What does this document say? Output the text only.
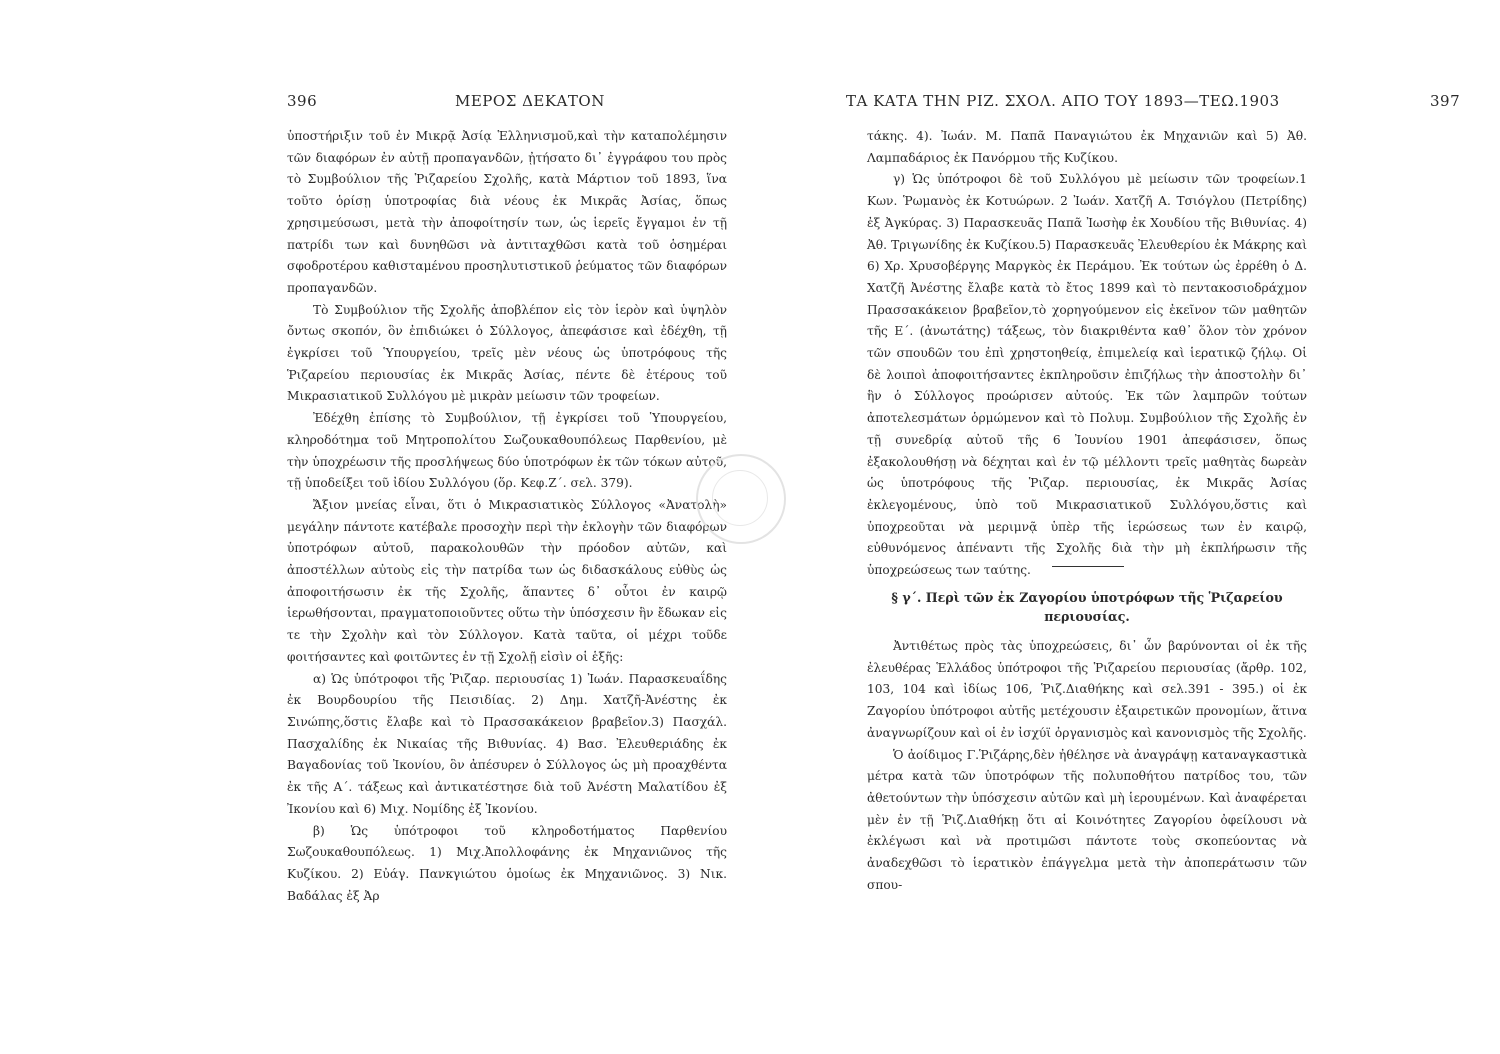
396	ΜΕΡΟΣ ΔΕΚΑΤΟΝ

ὑποστήριξιν τοῦ ἐν Μικρᾷ Ἀσίᾳ Ἑλληνισμοῦ,καὶ τὴν καταπολέμησιν τῶν διαφόρων ἐν αὐτῇ προπαγανδῶν, ᾐτήσατο δι᾽ ἐγγράφου του πρὸς τὸ Συμβούλιον τῆς Ῥιζαρείου Σχολῆς, κατὰ Μάρτιον τοῦ 1893, ἵνα τοῦτο ὁρίσῃ ὑποτροφίας διὰ νέους ἐκ Μικρᾶς Ἀσίας, ὅπως χρησιμεύσωσι, μετὰ τὴν ἀποφοίτησίν των, ὡς ἱερεῖς ἔγγαμοι ἐν τῇ πατρίδι των καὶ δυνηθῶσι νὰ ἀντιταχθῶσι κατὰ τοῦ ὁσημέραι σφοδροτέρου καθισταμένου προσηλυτιστικοῦ ῥεύματος τῶν διαφόρων προπαγανδῶν.

Τὸ Συμβούλιον τῆς Σχολῆς ἀποβλέπον εἰς τὸν ἱερὸν καὶ ὑψηλὸν ὄντως σκοπόν, ὃν ἐπιδιώκει ὁ Σύλλογος, ἀπεφάσισε καὶ ἐδέχθη, τῇ ἐγκρίσει τοῦ Ὑπουργείου, τρεῖς μὲν νέους ὡς ὑποτρόφους τῆς Ῥιζαρείου περιουσίας ἐκ Μικρᾶς Ἀσίας, πέντε δὲ ἑτέρους τοῦ Μικρασιατικοῦ Συλλόγου μὲ μικρὰν μείωσιν τῶν τροφείων.

Ἐδέχθη ἐπίσης τὸ Συμβούλιον, τῇ ἐγκρίσει τοῦ Ὑπουργείου, κληροδότημα τοῦ Μητροπολίτου Σωζουκαθουπόλεως Παρθενίου, μὲ τὴν ὑποχρέωσιν τῆς προσλήψεως δύο ὑποτρόφων ἐκ τῶν τόκων αὐτοῦ, τῇ ὑποδείξει τοῦ ἰδίου Συλλόγου (ὅρ. Κεφ.Ζ΄. σελ. 379).

Ἄξιον μνείας εἶναι, ὅτι ὁ Μικρασιατικὸς Σύλλογος «Ἀνατολὴ» μεγάλην πάντοτε κατέβαλε προσοχὴν περὶ τὴν ἐκλογὴν τῶν διαφόρων ὑποτρόφων αὐτοῦ, παρακολουθῶν τὴν πρόοδον αὐτῶν, καὶ ἀποστέλλων αὐτοὺς εἰς τὴν πατρίδα των ὡς διδασκάλους εὐθὺς ὡς ἀποφοιτήσωσιν ἐκ τῆς Σχολῆς, ἅπαντες δ᾽ οὗτοι ἐν καιρῷ ἱερωθήσονται, πραγματοποιοῦντες οὕτω τὴν ὑπόσχεσιν ἣν ἔδωκαν εἰς τε τὴν Σχολὴν καὶ τὸν Σύλλογον. Κατὰ ταῦτα, οἱ μέχρι τοῦδε φοιτήσαντες καὶ φοιτῶντες ἐν τῇ Σχολῇ εἰσὶν οἱ ἑξῆς:

α) Ὡς ὑπότροφοι τῆς Ῥιζαρ. περιουσίας 1) Ἰωάν. Παρασκευαΐδης ἐκ Βουρδουρίου τῆς Πεισιδίας. 2) Δημ. Χατζῆ-Ἀνέστης ἐκ Σινώπης,ὅστις ἔλαβε καὶ τὸ Πρασσακάκειον βραβεῖον.3) Πασχάλ. Πασχαλίδης ἐκ Νικαίας τῆς Βιθυνίας. 4) Βασ. Ἐλευθεριάδης ἐκ Βαγαδονίας τοῦ Ἰκονίου, ὃν ἀπέσυρεν ὁ Σύλλογος ὡς μὴ προαχθέντα ἐκ τῆς Α΄. τάξεως καὶ ἀντικατέστησε διὰ τοῦ Ἀνέστη Μαλατίδου ἐξ Ἰκονίου καὶ 6) Μιχ. Νομίδης ἐξ Ἰκονίου.

β) Ὡς ὑπότροφοι τοῦ κληροδοτήματος Παρθενίου Σωζουκαθουπόλεως. 1) Μιχ.Ἀπολλοφάνης ἐκ Μηχανιῶνος τῆς Κυζίκου. 2) Εὐάγ. Πανκγιώτου ὁμοίως ἐκ Μηχανιῶνος. 3) Νικ. Βαδάλας ἐξ Ἀρ

ΤΑ ΚΑΤΑ ΤΗΝ ΡΙΖ. ΣΧΟΛ. ΑΠΟ ΤΟΥ 1893—ΤΕΩ.1903	397

τάκης. 4). Ἰωάν. Μ. Παπᾶ Παναγιώτου ἐκ Μηχανιῶν καὶ 5) Ἀθ. Λαμπαδάριος ἐκ Πανόρμου τῆς Κυζίκου.

γ) Ὡς ὑπότροφοι δὲ τοῦ Συλλόγου μὲ μείωσιν τῶν τροφείων.1 Κων. Ῥωμανὸς ἐκ Κοτυώρων. 2 Ἰωάν. Χατζῆ Α. Τσιόγλου (Πετρίδης) ἐξ Ἀγκύρας. 3) Παρασκευᾶς Παπᾶ Ἰωσὴφ ἐκ Χουδίου τῆς Βιθυνίας. 4) Ἀθ. Τριγωνίδης ἐκ Κυζίκου.5) Παρασκευᾶς Ἐλευθερίου ἐκ Μάκρης καὶ 6) Χρ. Χρυσοβέργης Μαργκὸς ἐκ Περάμου. Ἐκ τούτων ὡς ἐρρέθη ὁ Δ. Χατζῆ Ἀνέστης ἔλαβε κατὰ τὸ ἔτος 1899 καὶ τὸ πεντακοσιοδράχμον Πρασσακάκειον βραβεῖον,τὸ χορηγούμενον εἰς ἐκεῖνον τῶν μαθητῶν τῆς Ε΄. (ἀνωτάτης) τάξεως, τὸν διακριθέντα καθ᾽ ὅλον τὸν χρόνον τῶν σπουδῶν του ἐπὶ χρηστοηθείᾳ, ἐπιμελείᾳ καὶ ἱερατικῷ ζήλῳ. Οἱ δὲ λοιποὶ ἀποφοιτήσαντες ἐκπληροῦσιν ἐπιζήλως τὴν ἀποστολὴν δι᾽ ἣν ὁ Σύλλογος προώρισεν αὐτούς. Ἐκ τῶν λαμπρῶν τούτων ἀποτελεσμάτων ὁρμώμενον καὶ τὸ Πολυμ. Συμβούλιον τῆς Σχολῆς ἐν τῇ συνεδρίᾳ αὐτοῦ τῆς 6 Ἰουνίου 1901 ἀπεφάσισεν, ὅπως ἐξακολουθήσῃ νὰ δέχηται καὶ ἐν τῷ μέλλοντι τρεῖς μαθητὰς δωρεὰν ὡς ὑποτρόφους τῆς Ῥιζαρ. περιουσίας, ἐκ Μικρᾶς Ἀσίας ἐκλεγομένους, ὑπὸ τοῦ Μικρασιατικοῦ Συλλόγου,ὅστις καὶ ὑποχρεοῦται νὰ μεριμνᾷ ὑπὲρ τῆς ἱερώσεως των ἐν καιρῷ, εὐθυνόμενος ἀπέναντι τῆς Σχολῆς διὰ τὴν μὴ ἐκπλήρωσιν τῆς ὑποχρεώσεως των ταύτης.

§ γ΄. Περὶ τῶν ἐκ Ζαγορίου ὑποτρόφων τῆς Ῥιζαρείου
περιουσίας.

Ἀντιθέτως πρὸς τὰς ὑποχρεώσεις, δι᾽ ὧν βαρύνονται οἱ ἐκ τῆς ἐλευθέρας Ἑλλάδος ὑπότροφοι τῆς Ῥιζαρείου περιουσίας (ἄρθρ. 102, 103, 104 καὶ ἰδίως 106, Ῥιζ.Διαθήκης καὶ σελ.391 - 395.) οἱ ἐκ Ζαγορίου ὑπότροφοι αὐτῆς μετέχουσιν ἐξαιρετικῶν προνομίων, ἅτινα ἀναγνωρίζουν καὶ οἱ ἐν ἰσχύϊ ὀργανισμὸς καὶ κανονισμὸς τῆς Σχολῆς.

Ὁ ἀοίδιμος Γ.Ῥιζάρης,δὲν ἠθέλησε νὰ ἀναγράψῃ καταναγκαστικὰ μέτρα κατὰ τῶν ὑποτρόφων τῆς πολυποθήτου πατρίδος του, τῶν ἀθετούντων τὴν ὑπόσχεσιν αὐτῶν καὶ μὴ ἱερουμένων. Καὶ ἀναφέρεται μὲν ἐν τῇ Ῥιζ.Διαθήκῃ ὅτι αἱ Κοινότητες Ζαγορίου ὀφείλουσι νὰ ἐκλέγωσι καὶ νὰ προτιμῶσι πάντοτε τοὺς σκοπεύοντας νὰ ἀναδεχθῶσι τὸ ἱερατικὸν ἐπάγγελμα μετὰ τὴν ἀποπεράτωσιν τῶν σπου-
